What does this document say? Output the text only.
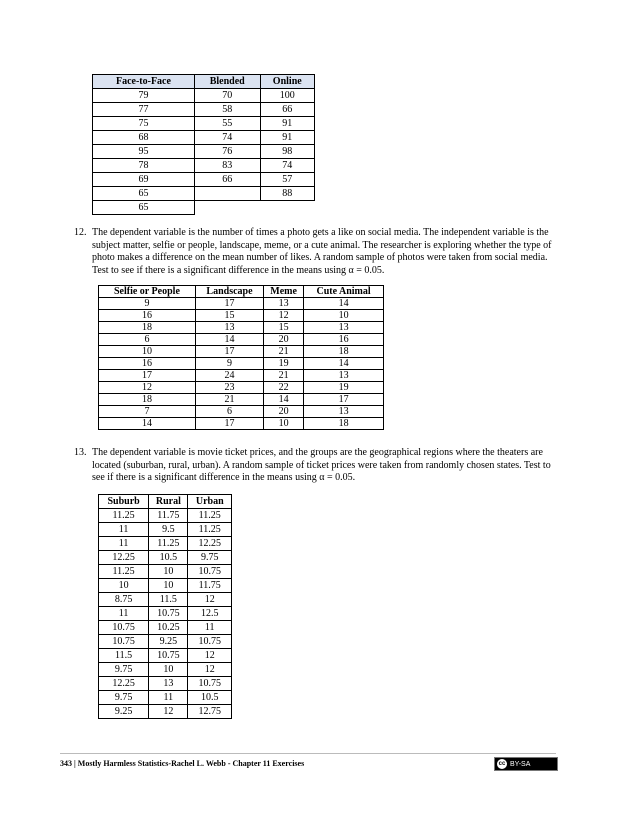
Face-to-Face	Blended	Online
79	70	100
77	58	66
75	55	91
68	74	91
95	76	98
78	83	74
69	66	57
65		88
65		
12. The dependent variable is the number of times a photo gets a like on social media. The independent variable is the subject matter, selfie or people, landscape, meme, or a cute animal. The researcher is exploring whether the type of photo makes a difference on the mean number of likes. A random sample of photos were taken from social media. Test to see if there is a significant difference in the means using α = 0.05.
Selfie or People	Landscape	Meme	Cute Animal
9	17	13	14
16	15	12	10
18	13	15	13
6	14	20	16
10	17	21	18
16	9	19	14
17	24	21	13
12	23	22	19
18	21	14	17
7	6	20	13
14	17	10	18
13. The dependent variable is movie ticket prices, and the groups are the geographical regions where the theaters are located (suburban, rural, urban). A random sample of ticket prices were taken from randomly chosen states. Test to see if there is a significant difference in the means using α = 0.05.
Suburb	Rural	Urban
11.25	11.75	11.25
11	9.5	11.25
11	11.25	12.25
12.25	10.5	9.75
11.25	10	10.75
10	10	11.75
8.75	11.5	12
11	10.75	12.5
10.75	10.25	11
10.75	9.25	10.75
11.5	10.75	12
9.75	10	12
12.25	13	10.75
9.75	11	10.5
9.25	12	12.75
343 | Mostly Harmless Statistics-Rachel L. Webb - Chapter 11 Exercises	cc BY-SA
